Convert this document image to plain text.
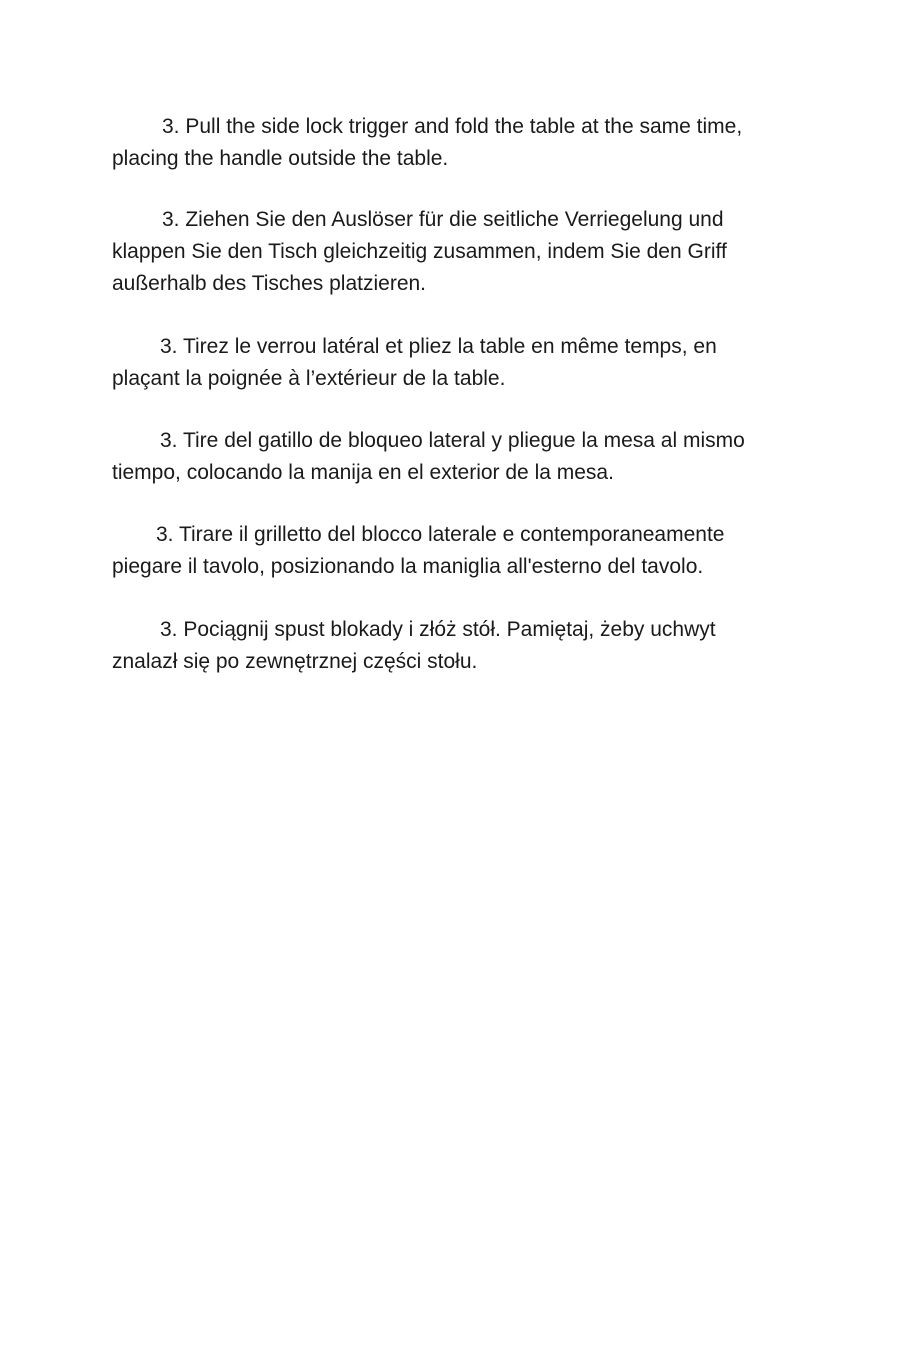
3. Pull the side lock trigger and fold the table at the same time,
placing the handle outside the table.

3. Ziehen Sie den Auslöser für die seitliche Verriegelung und
klappen Sie den Tisch gleichzeitig zusammen, indem Sie den Griff
außerhalb des Tisches platzieren.

3. Tirez le verrou latéral et pliez la table en même temps, en
plaçant la poignée à l’extérieur de la table.

3. Tire del gatillo de bloqueo lateral y pliegue la mesa al mismo
tiempo, colocando la manija en el exterior de la mesa.

3. Tirare il grilletto del blocco laterale e contemporaneamente
piegare il tavolo, posizionando la maniglia all'esterno del tavolo.

3. Pociągnij spust blokady i złóż stół. Pamiętaj, żeby uchwyt
znalazł się po zewnętrznej części stołu.
